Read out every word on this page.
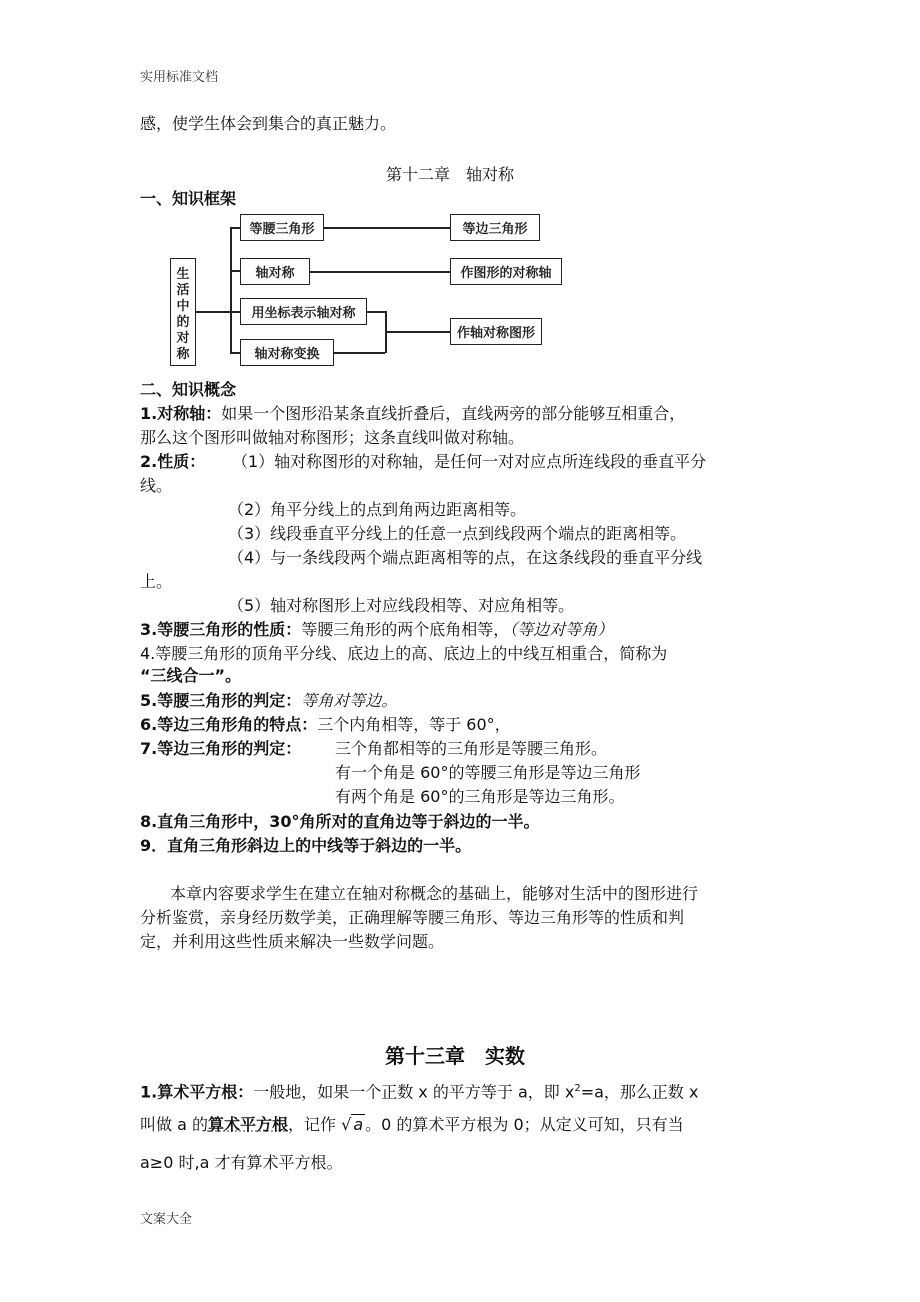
实用标准文档
文案大全
感，使学生体会到集合的真正魅力。
第十二章　轴对称
一、知识框架
生活中的对称
等腰三角形
轴对称
用坐标表示轴对称
轴对称变换
等边三角形
作图形的对称轴
作轴对称图形
二、知识概念
1.对称轴：如果一个图形沿某条直线折叠后，直线两旁的部分能够互相重合，
那么这个图形叫做轴对称图形；这条直线叫做对称轴。
2.性质： （1）轴对称图形的对称轴，是任何一对对应点所连线段的垂直平分
线。
（2）角平分线上的点到角两边距离相等。
（3）线段垂直平分线上的任意一点到线段两个端点的距离相等。
（4）与一条线段两个端点距离相等的点，在这条线段的垂直平分线
上。
（5）轴对称图形上对应线段相等、对应角相等。
3.等腰三角形的性质：等腰三角形的两个底角相等，（等边对等角）
4.等腰三角形的顶角平分线、底边上的高、底边上的中线互相重合，简称为
“三线合一”。
5.等腰三角形的判定：等角对等边。
6.等边三角形角的特点：三个内角相等，等于 60°，
7.等边三角形的判定： 三个角都相等的三角形是等腰三角形。
有一个角是 60°的等腰三角形是等边三角形
有两个角是 60°的三角形是等边三角形。
8.直角三角形中，30°角所对的直角边等于斜边的一半。
9．直角三角形斜边上的中线等于斜边的一半。
本章内容要求学生在建立在轴对称概念的基础上，能够对生活中的图形进行
分析鉴赏，亲身经历数学美，正确理解等腰三角形、等边三角形等的性质和判
定，并利用这些性质来解决一些数学问题。
第十三章　实数
1.算术平方根：一般地，如果一个正数 x 的平方等于 a，即 $x^2=a$，那么正数 x
叫做 a 的算术平方根，记作 √ a 。0 的算术平方根为 0；从定义可知，只有当
a≥0 时,a 才有算术平方根。
